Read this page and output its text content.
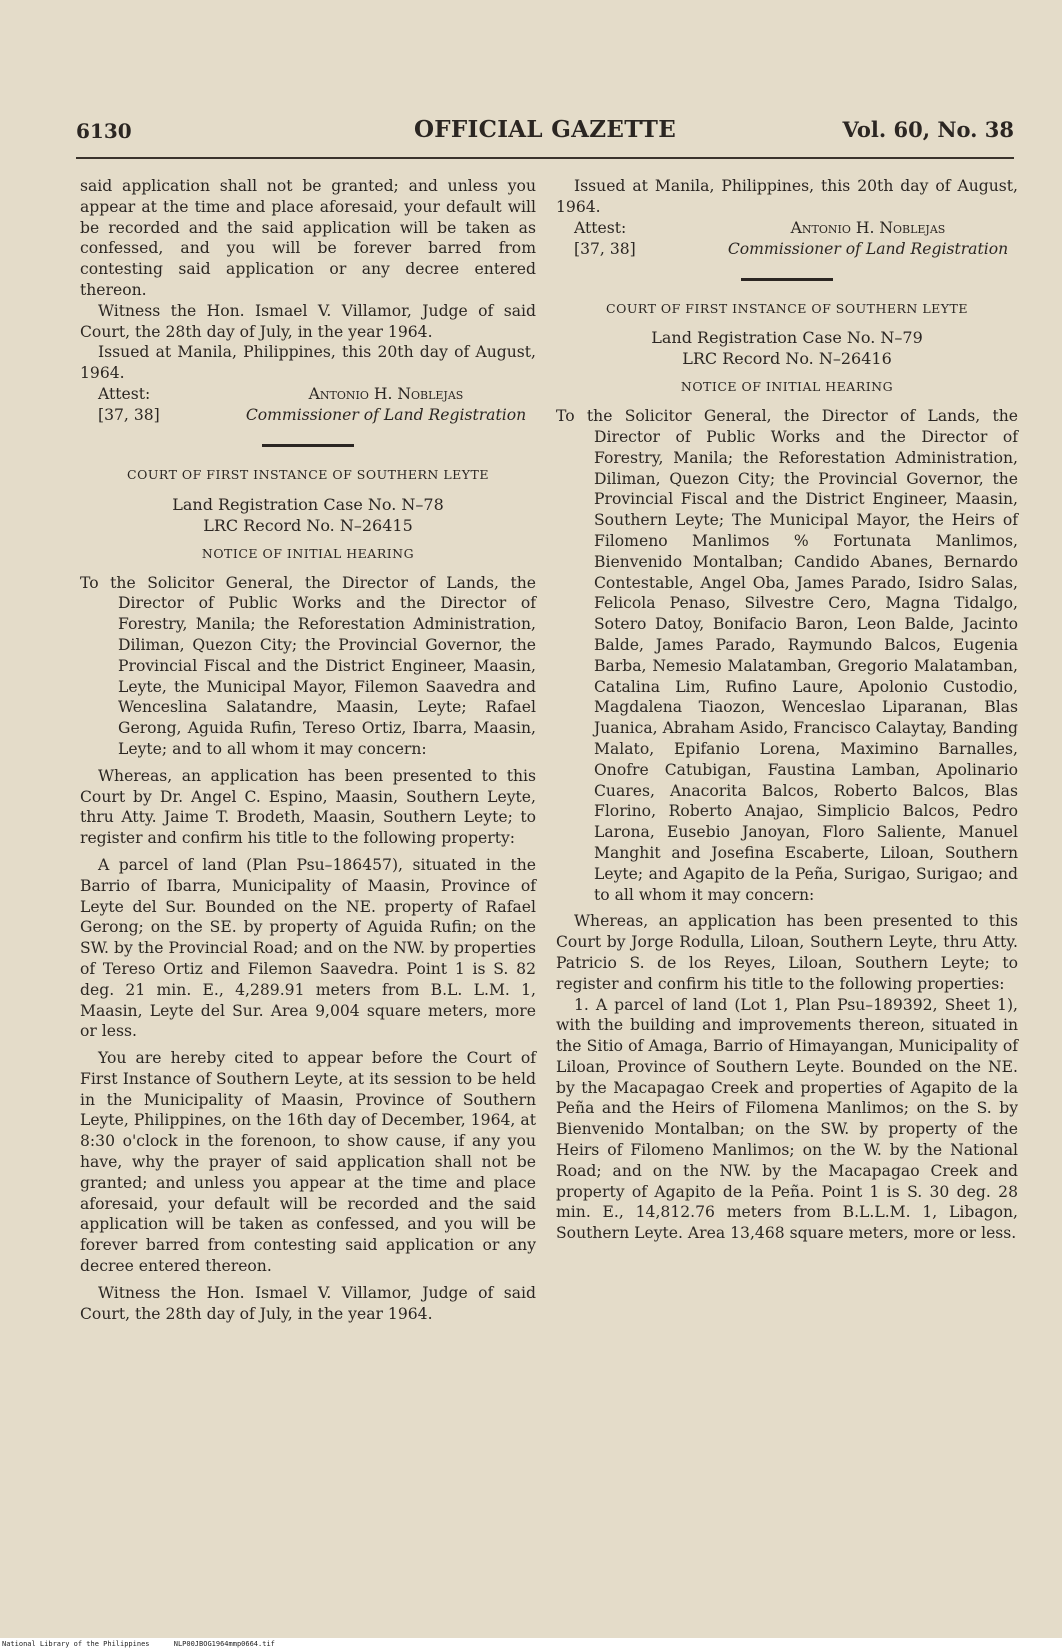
6130	OFFICIAL GAZETTE	Vol. 60, No. 38

said application shall not be granted; and unless you appear at the time and place aforesaid, your default will be recorded and the said application will be taken as confessed, and you will be forever barred from contesting said application or any decree entered thereon.

Witness the Hon. Ismael V. Villamor, Judge of said Court, the 28th day of July, in the year 1964.

Issued at Manila, Philippines, this 20th day of August, 1964.

Attest:
[37, 38]
Antonio H. Noblejas
Commissioner of Land Registration
COURT OF FIRST INSTANCE OF SOUTHERN LEYTE
Land Registration Case No. N–78
LRC Record No. N–26415
NOTICE OF INITIAL HEARING

To the Solicitor General, the Director of Lands, the Director of Public Works and the Director of Forestry, Manila; the Reforestation Administration, Diliman, Quezon City; the Provincial Governor, the Provincial Fiscal and the District Engineer, Maasin, Leyte, the Municipal Mayor, Filemon Saavedra and Wenceslina Salatandre, Maasin, Leyte; Rafael Gerong, Aguida Rufin, Tereso Ortiz, Ibarra, Maasin, Leyte; and to all whom it may concern:

Whereas, an application has been presented to this Court by Dr. Angel C. Espino, Maasin, Southern Leyte, thru Atty. Jaime T. Brodeth, Maasin, Southern Leyte; to register and confirm his title to the following property:

A parcel of land (Plan Psu–186457), situated in the Barrio of Ibarra, Municipality of Maasin, Province of Leyte del Sur. Bounded on the NE. property of Rafael Gerong; on the SE. by property of Aguida Rufin; on the SW. by the Provincial Road; and on the NW. by properties of Tereso Ortiz and Filemon Saavedra. Point 1 is S. 82 deg. 21 min. E., 4,289.91 meters from B.L. L.M. 1, Maasin, Leyte del Sur. Area 9,004 square meters, more or less.

You are hereby cited to appear before the Court of First Instance of Southern Leyte, at its session to be held in the Municipality of Maasin, Province of Southern Leyte, Philippines, on the 16th day of December, 1964, at 8:30 o'clock in the forenoon, to show cause, if any you have, why the prayer of said application shall not be granted; and unless you appear at the time and place aforesaid, your default will be recorded and the said application will be taken as confessed, and you will be forever barred from contesting said application or any decree entered thereon.

Witness the Hon. Ismael V. Villamor, Judge of said Court, the 28th day of July, in the year 1964.

Issued at Manila, Philippines, this 20th day of August, 1964.

Attest:
[37, 38]
Antonio H. Noblejas
Commissioner of Land Registration
COURT OF FIRST INSTANCE OF SOUTHERN LEYTE
Land Registration Case No. N–79
LRC Record No. N–26416
NOTICE OF INITIAL HEARING

To the Solicitor General, the Director of Lands, the Director of Public Works and the Director of Forestry, Manila; the Reforestation Administration, Diliman, Quezon City; the Provincial Governor, the Provincial Fiscal and the District Engineer, Maasin, Southern Leyte; The Municipal Mayor, the Heirs of Filomeno Manlimos % Fortunata Manlimos, Bienvenido Montalban; Candido Abanes, Bernardo Contestable, Angel Oba, James Parado, Isidro Salas, Felicola Penaso, Silvestre Cero, Magna Tidalgo, Sotero Datoy, Bonifacio Baron, Leon Balde, Jacinto Balde, James Parado, Raymundo Balcos, Eugenia Barba, Nemesio Malatamban, Gregorio Malatamban, Catalina Lim, Rufino Laure, Apolonio Custodio, Magdalena Tiaozon, Wenceslao Liparanan, Blas Juanica, Abraham Asido, Francisco Calaytay, Banding Malato, Epifanio Lorena, Maximino Barnalles, Onofre Catubigan, Faustina Lamban, Apolinario Cuares, Anacorita Balcos, Roberto Balcos, Blas Florino, Roberto Anajao, Simplicio Balcos, Pedro Larona, Eusebio Janoyan, Floro Saliente, Manuel Manghit and Josefina Escaberte, Liloan, Southern Leyte; and Agapito de la Peña, Surigao, Surigao; and to all whom it may concern:

Whereas, an application has been presented to this Court by Jorge Rodulla, Liloan, Southern Leyte, thru Atty. Patricio S. de los Reyes, Liloan, Southern Leyte; to register and confirm his title to the following properties:

1. A parcel of land (Lot 1, Plan Psu–189392, Sheet 1), with the building and improvements thereon, situated in the Sitio of Amaga, Barrio of Himayangan, Municipality of Liloan, Province of Southern Leyte. Bounded on the NE. by the Macapagao Creek and properties of Agapito de la Peña and the Heirs of Filomena Manlimos; on the S. by Bienvenido Montalban; on the SW. by property of the Heirs of Filomeno Manlimos; on the W. by the National Road; and on the NW. by the Macapagao Creek and property of Agapito de la Peña. Point 1 is S. 30 deg. 28 min. E., 14,812.76 meters from B.L.L.M. 1, Libagon, Southern Leyte. Area 13,468 square meters, more or less.

National Library of the Philippines	NLP00JBOG1964mmp0664.tif
